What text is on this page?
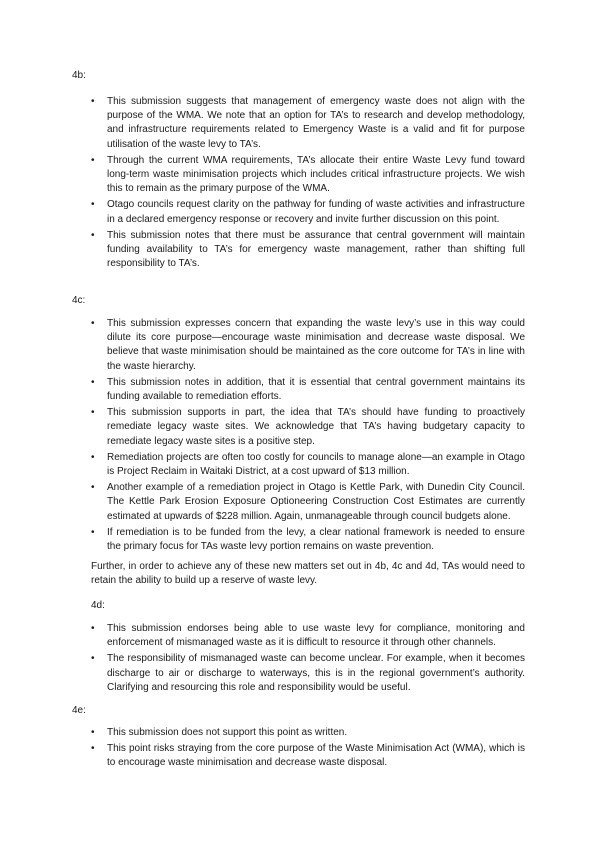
4b:
• This submission suggests that management of emergency waste does not align with the purpose of the WMA. We note that an option for TA’s to research and develop methodology, and infrastructure requirements related to Emergency Waste is a valid and fit for purpose utilisation of the waste levy to TA’s.
• Through the current WMA requirements, TA’s allocate their entire Waste Levy fund toward long-term waste minimisation projects which includes critical infrastructure projects. We wish this to remain as the primary purpose of the WMA.
• Otago councils request clarity on the pathway for funding of waste activities and infrastructure in a declared emergency response or recovery and invite further discussion on this point.
• This submission notes that there must be assurance that central government will maintain funding availability to TA’s for emergency waste management, rather than shifting full responsibility to TA’s.
4c:
• This submission expresses concern that expanding the waste levy’s use in this way could dilute its core purpose—encourage waste minimisation and decrease waste disposal. We believe that waste minimisation should be maintained as the core outcome for TA’s in line with the waste hierarchy.
• This submission notes in addition, that it is essential that central government maintains its funding available to remediation efforts.
• This submission supports in part, the idea that TA’s should have funding to proactively remediate legacy waste sites. We acknowledge that TA’s having budgetary capacity to remediate legacy waste sites is a positive step.
• Remediation projects are often too costly for councils to manage alone—an example in Otago is Project Reclaim in Waitaki District, at a cost upward of $13 million.
• Another example of a remediation project in Otago is Kettle Park, with Dunedin City Council. The Kettle Park Erosion Exposure Optioneering Construction Cost Estimates are currently estimated at upwards of $228 million. Again, unmanageable through council budgets alone.
• If remediation is to be funded from the levy, a clear national framework is needed to ensure the primary focus for TAs waste levy portion remains on waste prevention.
Further, in order to achieve any of these new matters set out in 4b, 4c and 4d, TAs would need to retain the ability to build up a reserve of waste levy.
4d:
• This submission endorses being able to use waste levy for compliance, monitoring and enforcement of mismanaged waste as it is difficult to resource it through other channels.
• The responsibility of mismanaged waste can become unclear. For example, when it becomes discharge to air or discharge to waterways, this is in the regional government’s authority. Clarifying and resourcing this role and responsibility would be useful.
4e:
• This submission does not support this point as written.
• This point risks straying from the core purpose of the Waste Minimisation Act (WMA), which is to encourage waste minimisation and decrease waste disposal.
